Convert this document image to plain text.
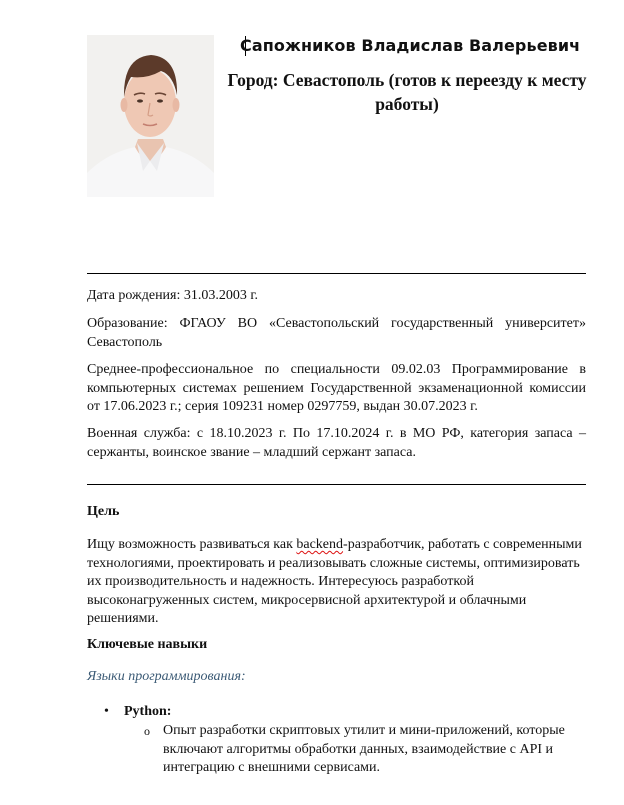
Сапожников Владислав Валерьевич
Город: Севастополь (готов к переезду к месту работы)

Дата рождения: 31.03.2003 г.

Образование: ФГАОУ ВО «Севастопольский государственный университет» Севастополь

Среднее-профессиональное по специальности 09.02.03 Программирование в компьютерных системах решением Государственной экзаменационной комиссии от 17.06.2023 г.; серия 109231 номер 0297759, выдан 30.07.2023 г.

Военная служба: с 18.10.2023 г. По 17.10.2024 г. в МО РФ, категория запаса – сержанты, воинское звание – младший сержант запаса.

Цель

Ищу возможность развиваться как backend-разработчик, работать с современными технологиями, проектировать и реализовывать сложные системы, оптимизировать их производительность и надежность. Интересуюсь разработкой высоконагруженных систем, микросервисной архитектурой и облачными решениями.

Ключевые навыки

Языки программирования:

• Python:
o Опыт разработки скриптовых утилит и мини-приложений, которые включают алгоритмы обработки данных, взаимодействие с API и интеграцию с внешними сервисами.
